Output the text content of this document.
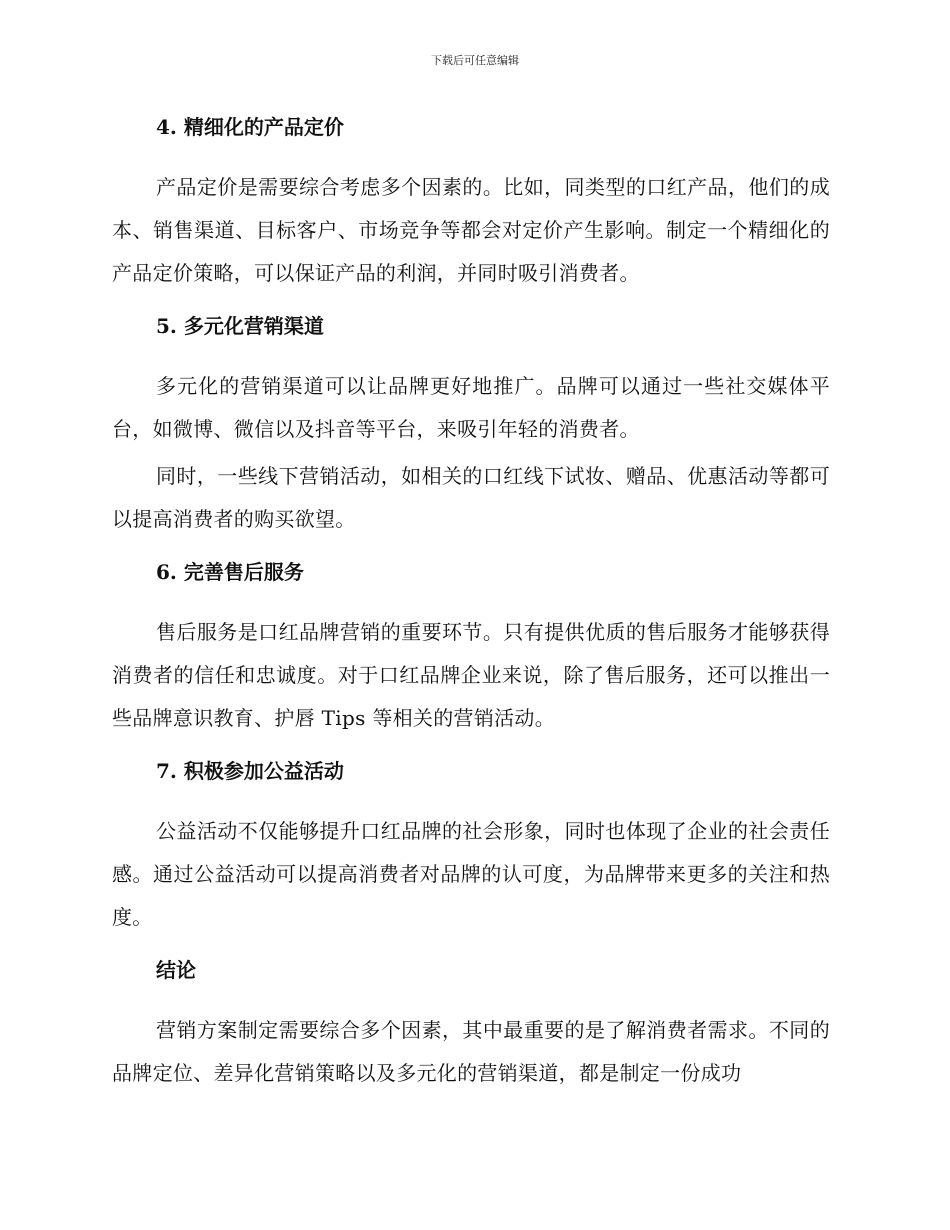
下载后可任意编辑
4. 精细化的产品定价

产品定价是需要综合考虑多个因素的。比如，同类型的口红产品，他们的成本、销售渠道、目标客户、市场竞争等都会对定价产生影响。制定一个精细化的产品定价策略，可以保证产品的利润，并同时吸引消费者。

5. 多元化营销渠道

多元化的营销渠道可以让品牌更好地推广。品牌可以通过一些社交媒体平台，如微博、微信以及抖音等平台，来吸引年轻的消费者。

同时，一些线下营销活动，如相关的口红线下试妆、赠品、优惠活动等都可以提高消费者的购买欲望。

6. 完善售后服务

售后服务是口红品牌营销的重要环节。只有提供优质的售后服务才能够获得消费者的信任和忠诚度。对于口红品牌企业来说，除了售后服务，还可以推出一些品牌意识教育、护唇 Tips 等相关的营销活动。

7. 积极参加公益活动

公益活动不仅能够提升口红品牌的社会形象，同时也体现了企业的社会责任感。通过公益活动可以提高消费者对品牌的认可度，为品牌带来更多的关注和热度。

结论

营销方案制定需要综合多个因素，其中最重要的是了解消费者需求。不同的品牌定位、差异化营销策略以及多元化的营销渠道，都是制定一份成功
